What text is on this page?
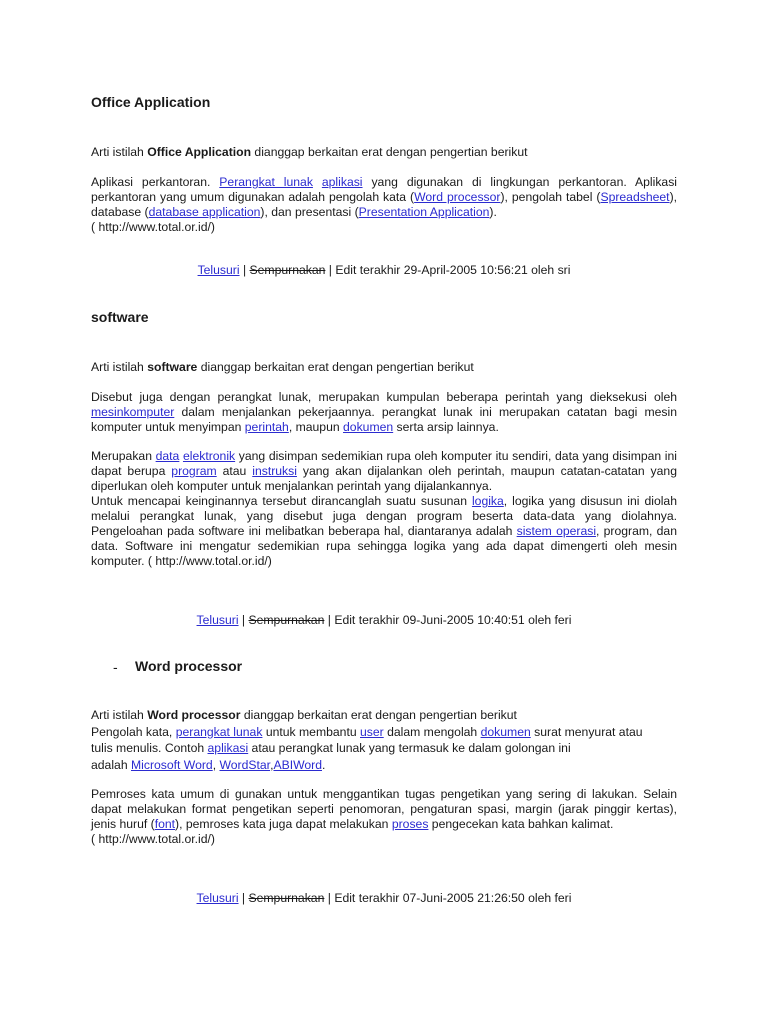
Office Application
Arti istilah Office Application dianggap berkaitan erat dengan pengertian berikut
Aplikasi perkantoran. Perangkat lunak aplikasi yang digunakan di lingkungan perkantoran. Aplikasi perkantoran yang umum digunakan adalah pengolah kata (Word processor), pengolah tabel (Spreadsheet), database (database application), dan presentasi (Presentation Application).
( http://www.total.or.id/)
Telusuri | Sempurnakan | Edit terakhir 29-April-2005 10:56:21 oleh sri
software
Arti istilah software dianggap berkaitan erat dengan pengertian berikut
Disebut juga dengan perangkat lunak, merupakan kumpulan beberapa perintah yang dieksekusi oleh mesinkomputer dalam menjalankan pekerjaannya. perangkat lunak ini merupakan catatan bagi mesin komputer untuk menyimpan perintah, maupun dokumen serta arsip lainnya.
Merupakan data elektronik yang disimpan sedemikian rupa oleh komputer itu sendiri, data yang disimpan ini dapat berupa program atau instruksi yang akan dijalankan oleh perintah, maupun catatan-catatan yang diperlukan oleh komputer untuk menjalankan perintah yang dijalankannya.
Untuk mencapai keinginannya tersebut dirancanglah suatu susunan logika, logika yang disusun ini diolah melalui perangkat lunak, yang disebut juga dengan program beserta data-data yang diolahnya. Pengeloahan pada software ini melibatkan beberapa hal, diantaranya adalah sistem operasi, program, dan data. Software ini mengatur sedemikian rupa sehingga logika yang ada dapat dimengerti oleh mesin komputer. ( http://www.total.or.id/)
Telusuri | Sempurnakan | Edit terakhir 09-Juni-2005 10:40:51 oleh feri
- Word processor
Arti istilah Word processor dianggap berkaitan erat dengan pengertian berikut
Pengolah kata, perangkat lunak untuk membantu user dalam mengolah dokumen surat menyurat atau
tulis menulis. Contoh aplikasi atau perangkat lunak yang termasuk ke dalam golongan ini
adalah Microsoft Word, WordStar,ABIWord.
Pemroses kata umum di gunakan untuk menggantikan tugas pengetikan yang sering di lakukan. Selain dapat melakukan format pengetikan seperti penomoran, pengaturan spasi, margin (jarak pinggir kertas), jenis huruf (font), pemroses kata juga dapat melakukan proses pengecekan kata bahkan kalimat.
( http://www.total.or.id/)
Telusuri | Sempurnakan | Edit terakhir 07-Juni-2005 21:26:50 oleh feri
